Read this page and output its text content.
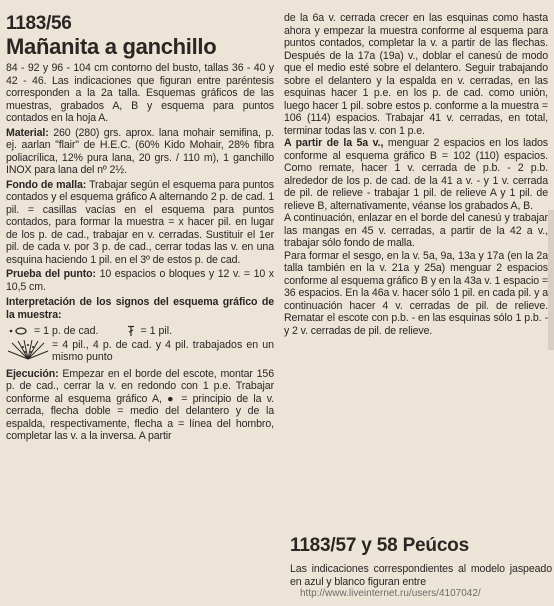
1183/56
Mañanita a ganchillo

84 - 92 y 96 - 104 cm contorno del busto, tallas 36 - 40 y 42 - 46. Las indicaciones que figuran entre paréntesis corresponden a la 2a talla. Esquemas gráficos de las muestras, grabados A, B y esquema para puntos contados en la hoja A.

Material: 260 (280) grs. aprox. lana mohair semifina, p. ej. aarlan "flair" de H.E.C. (60% Kido Mohair, 28% fibra poliacrílica, 12% pura lana, 20 grs. / 110 m), 1 ganchillo INOX para lana del nº 2½.

Fondo de malla: Trabajar según el esquema para puntos contados y el esquema gráfico A alternando 2 p. de cad. 1 pil. = casillas vacías en el esquema para puntos contados, para formar la muestra = x hacer pil. en lugar de los p. de cad., trabajar en v. cerradas. Sustituir el 1er pil. de cada v. por 3 p. de cad., cerrar todas las v. en una esquina haciendo 1 pil. en el 3º de estos p. de cad.

Prueba del punto: 10 espacios o bloques y 12 v. = 10 x 10,5 cm.

Interpretación de los signos del esquema gráfico de la muestra:

= 1 p. de cad.	= 1 pil.
= 4 pil., 4 p. de cad. y 4 pil. trabajados en un mismo punto

Ejecución: Empezar en el borde del escote, montar 156 p. de cad., cerrar la v. en redondo con 1 p.e. Trabajar conforme al esquema gráfico A, ● = principio de la v. cerrada, flecha doble = medio del delantero y de la espalda, respectivamente, flecha a = línea del hombro, completar las v. a la inversa. A partir

de la 6a v. cerrada crecer en las esquinas como hasta ahora y empezar la muestra conforme al esquema para puntos contados, completar la v. a partir de las flechas. Después de la 17a (19a) v., doblar el canesú de modo que el medio esté sobre el delantero. Seguir trabajando sobre el delantero y la espalda en v. cerradas, en las esquinas hacer 1 p.e. en los p. de cad. como unión, luego hacer 1 pil. sobre estos p. conforme a la muestra = 106 (114) espacios. Trabajar 41 v. cerradas, en total, terminar todas las v. con 1 p.e.

A partir de la 5a v., menguar 2 espacios en los lados conforme al esquema gráfico B = 102 (110) espacios. Como remate, hacer 1 v. cerrada de p.b. - 2 p.b. alrededor de los p. de cad. de la 41 a v. - y 1 v. cerrada de pil. de relieve - trabajar 1 pil. de relieve A y 1 pil. de relieve B, alternativamente, véanse los grabados A, B.

A continuación, enlazar en el borde del canesú y trabajar las mangas en 45 v. cerradas, a partir de la 42 a v., trabajar sólo fondo de malla.

Para formar el sesgo, en la v. 5a, 9a, 13a y 17a (en la 2a talla también en la v. 21a y 25a) menguar 2 espacios conforme al esquema gráfico B y en la 43a v. 1 espacio = 36 espacios. En la 46a v. hacer sólo 1 pil. en cada pil. y a continuación hacer 4 v. cerradas de pil. de relieve. Rematar el escote con p.b. - en las esquinas sólo 1 p.b. - y 2 v. cerradas de pil. de relieve.

1183/57 y 58 Peúcos

Las indicaciones correspondientes al modelo jaspeado en azul y blanco figuran entre

http://www.liveinternet.ru/users/4107042/
